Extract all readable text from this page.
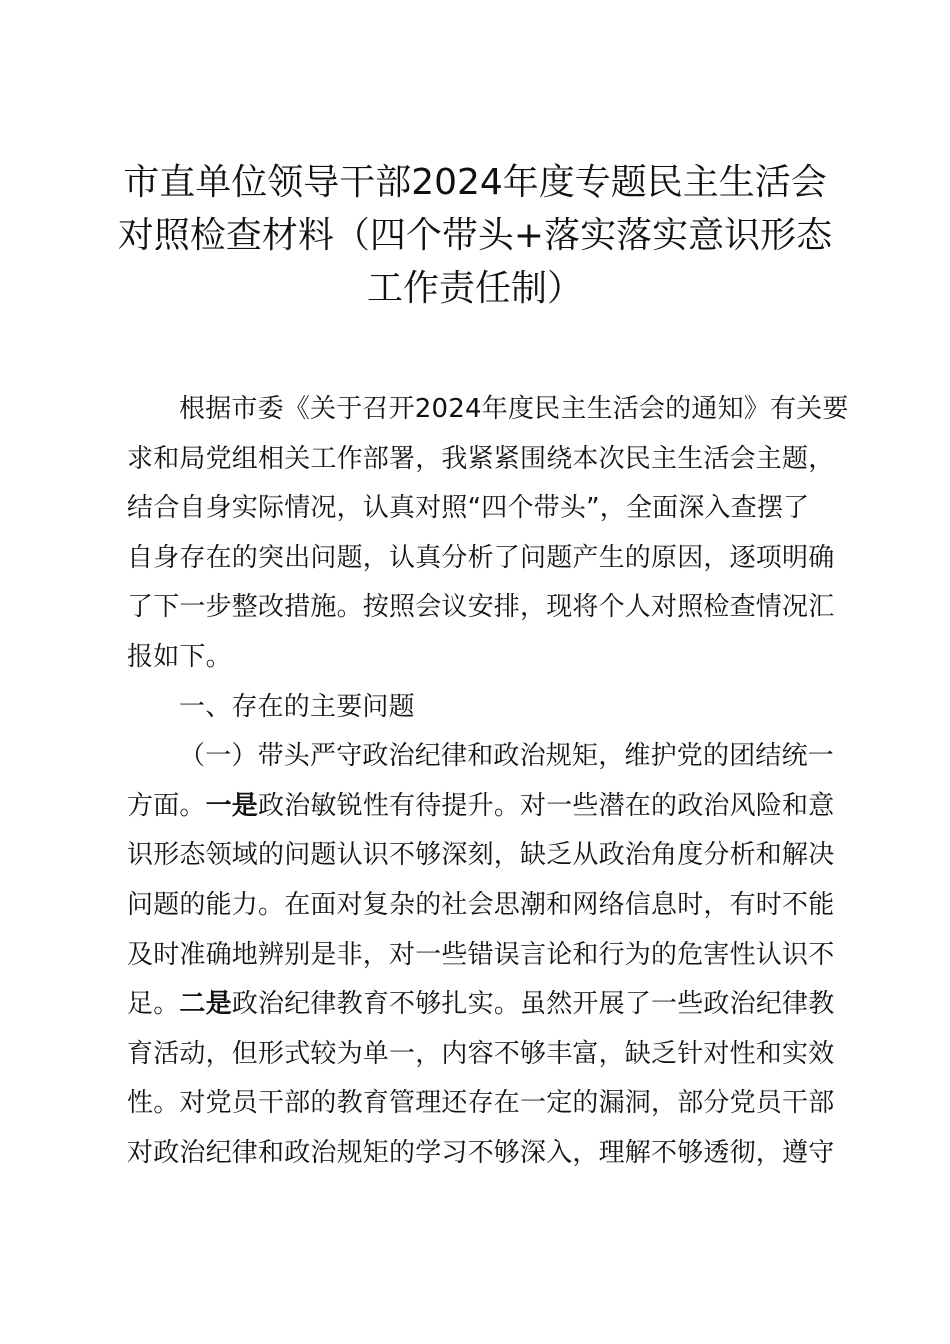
市直单位领导干部2024年度专题民主生活会
对照检查材料（四个带头+落实落实意识形态
工作责任制）
根据市委《关于召开2024年度民主生活会的通知》有关要
求和局党组相关工作部署，我紧紧围绕本次民主生活会主题，
结合自身实际情况，认真对照“四个带头”，全面深入查摆了
自身存在的突出问题，认真分析了问题产生的原因，逐项明确
了下一步整改措施。按照会议安排，现将个人对照检查情况汇
报如下。
一、存在的主要问题
（一）带头严守政治纪律和政治规矩，维护党的团结统一
方面。一是政治敏锐性有待提升。对一些潜在的政治风险和意
识形态领域的问题认识不够深刻，缺乏从政治角度分析和解决
问题的能力。在面对复杂的社会思潮和网络信息时，有时不能
及时准确地辨别是非，对一些错误言论和行为的危害性认识不
足。二是政治纪律教育不够扎实。虽然开展了一些政治纪律教
育活动，但形式较为单一，内容不够丰富，缺乏针对性和实效
性。对党员干部的教育管理还存在一定的漏洞，部分党员干部
对政治纪律和政治规矩的学习不够深入，理解不够透彻，遵守
